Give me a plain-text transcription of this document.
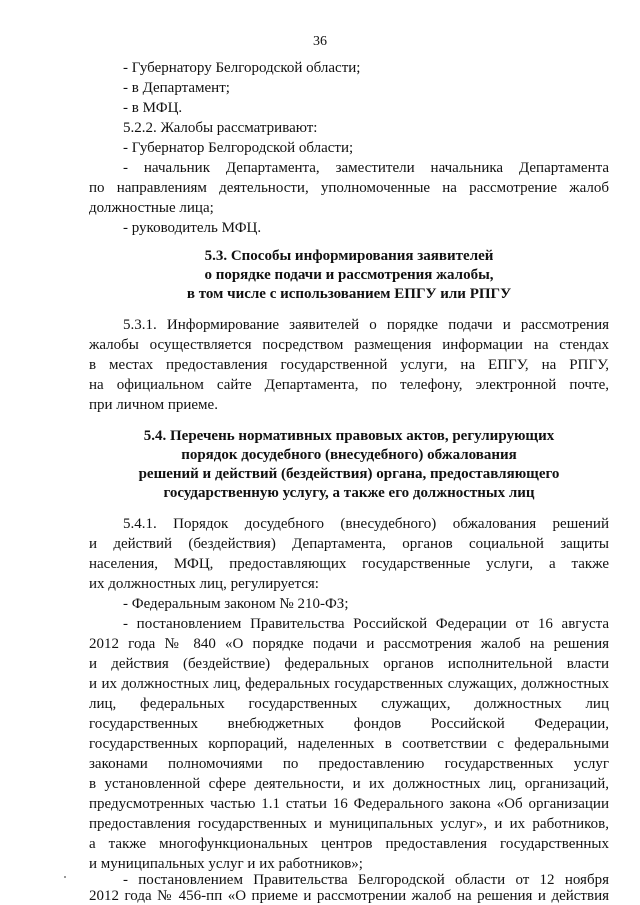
36
- Губернатору Белгородской области;
- в Департамент;
- в МФЦ.
5.2.2. Жалобы рассматривают:
- Губернатор Белгородской области;
- начальник Департамента, заместители начальника Департамента
по направлениям деятельности, уполномоченные на рассмотрение жалоб
должностные лица;
- руководитель МФЦ.
5.3. Способы информирования заявителей
о порядке подачи и рассмотрения жалобы,
в том числе с использованием ЕПГУ или РПГУ
5.3.1. Информирование заявителей о порядке подачи и рассмотрения
жалобы осуществляется посредством размещения информации на стендах
в местах предоставления государственной услуги, на ЕПГУ, на РПГУ,
на официальном сайте Департамента, по телефону, электронной почте,
при личном приеме.
5.4. Перечень нормативных правовых актов, регулирующих
порядок досудебного (внесудебного) обжалования
решений и действий (бездействия) органа, предоставляющего
государственную услугу, а также его должностных лиц
5.4.1. Порядок досудебного (внесудебного) обжалования решений
и действий (бездействия) Департамента, органов социальной защиты
населения, МФЦ, предоставляющих государственные услуги, а также
их должностных лиц, регулируется:
- Федеральным законом № 210-ФЗ;
- постановлением Правительства Российской Федерации от 16 августа
2012 года № 840 «О порядке подачи и рассмотрения жалоб на решения
и действия (бездействие) федеральных органов исполнительной власти
и их должностных лиц, федеральных государственных служащих, должностных
лиц, федеральных государственных служащих, должностных лиц
государственных внебюджетных фондов Российской Федерации,
государственных корпораций, наделенных в соответствии с федеральными
законами полномочиями по предоставлению государственных услуг
в установленной сфере деятельности, и их должностных лиц, организаций,
предусмотренных частью 1.1 статьи 16 Федерального закона «Об организации
предоставления государственных и муниципальных услуг», и их работников,
а также многофункциональных центров предоставления государственных
и муниципальных услуг и их работников»;
- постановлением Правительства Белгородской области от 12 ноября
2012 года № 456-пп «О приеме и рассмотрении жалоб на решения и действия
